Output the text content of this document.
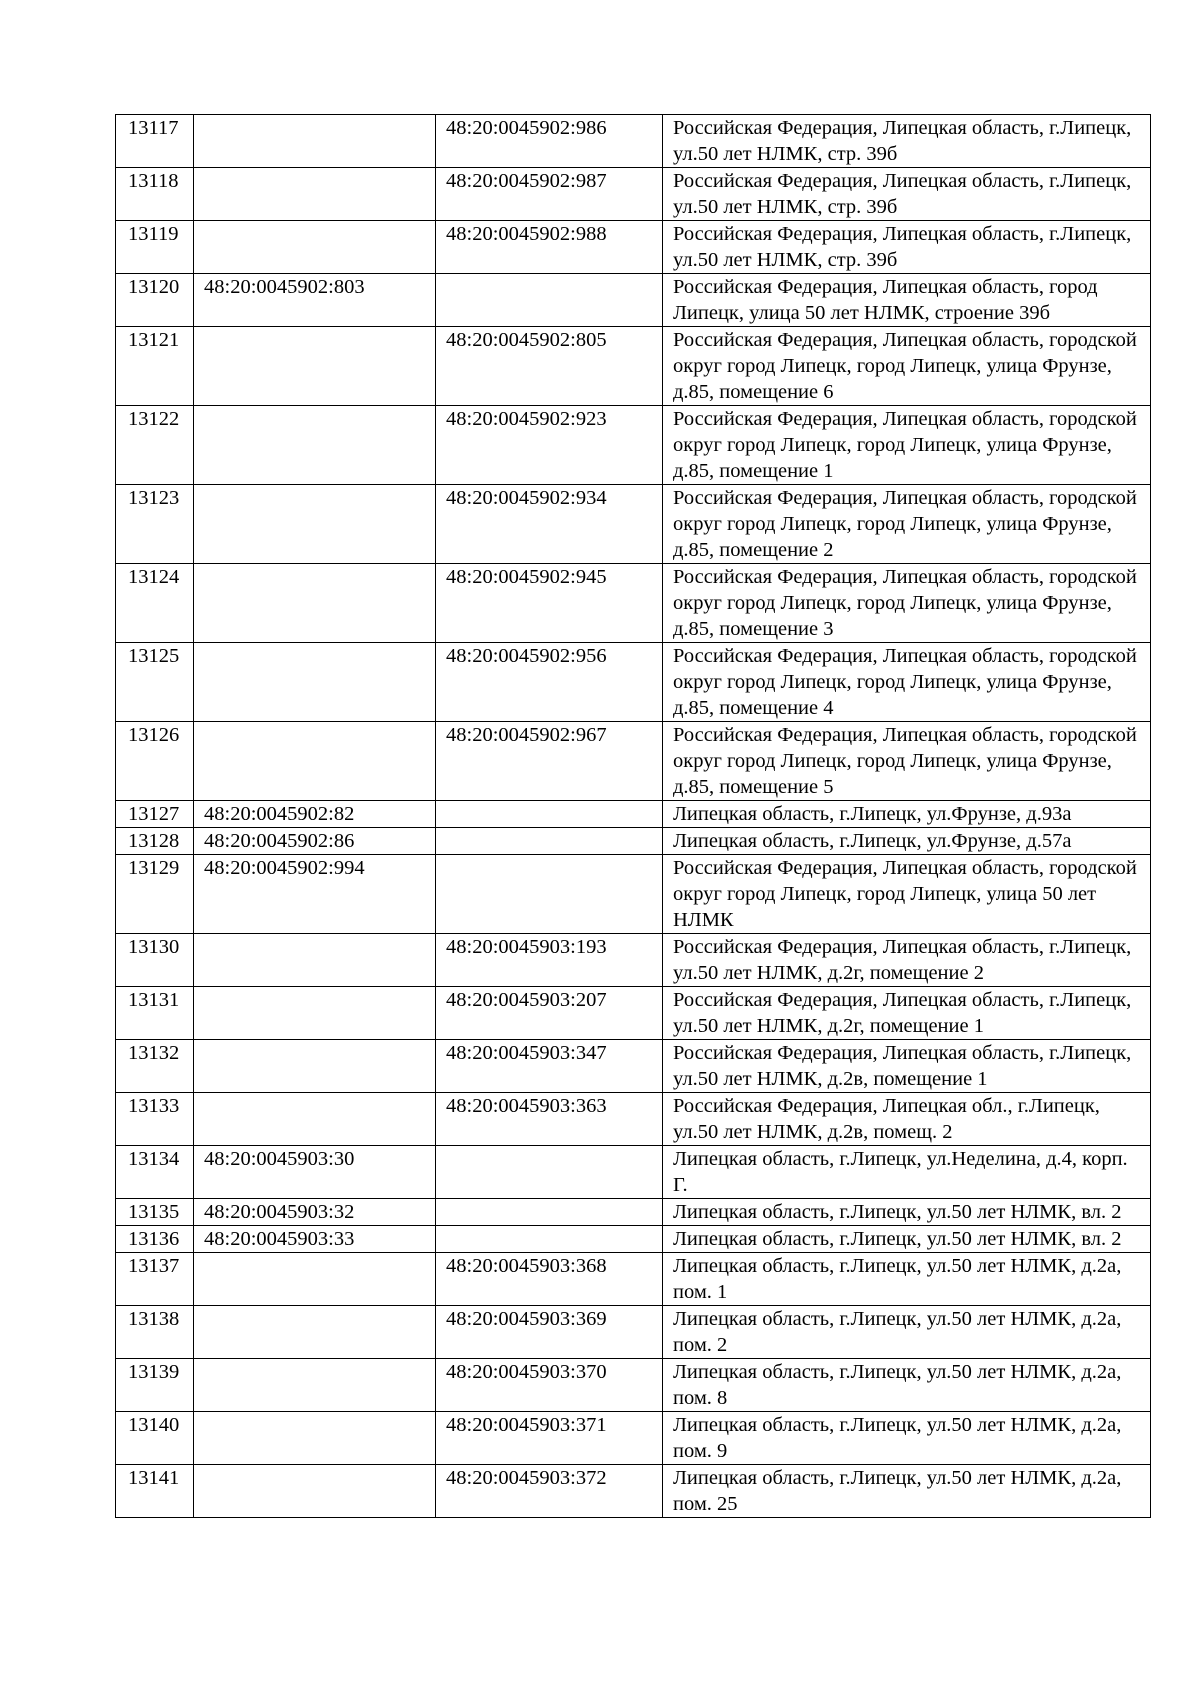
13117		48:20:0045902:986	Российская Федерация, Липецкая область, г.Липецк, ул.50 лет НЛМК, стр. 39б
13118		48:20:0045902:987	Российская Федерация, Липецкая область, г.Липецк, ул.50 лет НЛМК, стр. 39б
13119		48:20:0045902:988	Российская Федерация, Липецкая область, г.Липецк, ул.50 лет НЛМК, стр. 39б
13120	48:20:0045902:803		Российская Федерация, Липецкая область, город Липецк, улица 50 лет НЛМК, строение 39б
13121		48:20:0045902:805	Российская Федерация, Липецкая область, городской округ город Липецк, город Липецк, улица Фрунзе, д.85, помещение 6
13122		48:20:0045902:923	Российская Федерация, Липецкая область, городской округ город Липецк, город Липецк, улица Фрунзе, д.85, помещение 1
13123		48:20:0045902:934	Российская Федерация, Липецкая область, городской округ город Липецк, город Липецк, улица Фрунзе, д.85, помещение 2
13124		48:20:0045902:945	Российская Федерация, Липецкая область, городской округ город Липецк, город Липецк, улица Фрунзе, д.85, помещение 3
13125		48:20:0045902:956	Российская Федерация, Липецкая область, городской округ город Липецк, город Липецк, улица Фрунзе, д.85, помещение 4
13126		48:20:0045902:967	Российская Федерация, Липецкая область, городской округ город Липецк, город Липецк, улица Фрунзе, д.85, помещение 5
13127	48:20:0045902:82		Липецкая область, г.Липецк, ул.Фрунзе, д.93а
13128	48:20:0045902:86		Липецкая область, г.Липецк, ул.Фрунзе, д.57а
13129	48:20:0045902:994		Российская Федерация, Липецкая область, городской округ город Липецк, город Липецк, улица 50 лет НЛМК
13130		48:20:0045903:193	Российская Федерация, Липецкая область, г.Липецк, ул.50 лет НЛМК, д.2г, помещение 2
13131		48:20:0045903:207	Российская Федерация, Липецкая область, г.Липецк, ул.50 лет НЛМК, д.2г, помещение 1
13132		48:20:0045903:347	Российская Федерация, Липецкая область, г.Липецк, ул.50 лет НЛМК, д.2в, помещение 1
13133		48:20:0045903:363	Российская Федерация, Липецкая обл., г.Липецк, ул.50 лет НЛМК, д.2в, помещ. 2
13134	48:20:0045903:30		Липецкая область, г.Липецк, ул.Неделина, д.4, корп. Г.
13135	48:20:0045903:32		Липецкая область, г.Липецк, ул.50 лет НЛМК, вл. 2
13136	48:20:0045903:33		Липецкая область, г.Липецк, ул.50 лет НЛМК, вл. 2
13137		48:20:0045903:368	Липецкая область, г.Липецк, ул.50 лет НЛМК, д.2а, пом. 1
13138		48:20:0045903:369	Липецкая область, г.Липецк, ул.50 лет НЛМК, д.2а, пом. 2
13139		48:20:0045903:370	Липецкая область, г.Липецк, ул.50 лет НЛМК, д.2а, пом. 8
13140		48:20:0045903:371	Липецкая область, г.Липецк, ул.50 лет НЛМК, д.2а, пом. 9
13141		48:20:0045903:372	Липецкая область, г.Липецк, ул.50 лет НЛМК, д.2а, пом. 25
